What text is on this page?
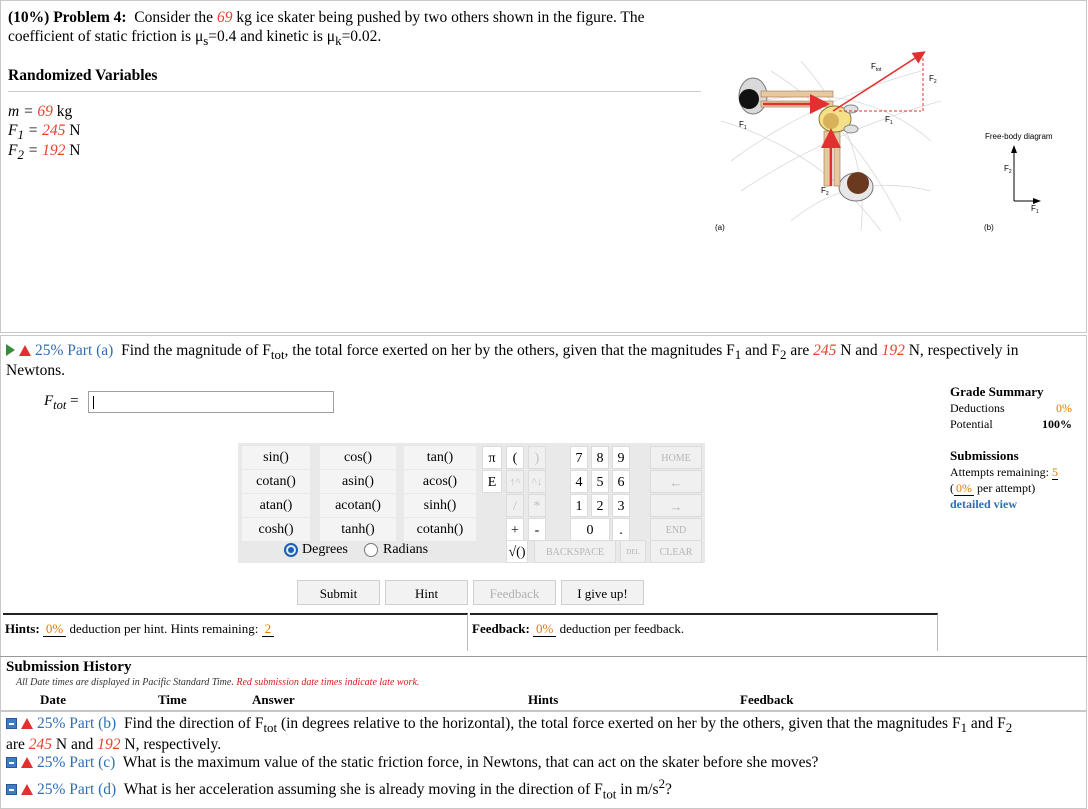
(10%) Problem 4: Consider the 69 kg ice skater being pushed by two others shown in the figure. The
coefficient of static friction is $\mu_s=0.4$ and kinetic is $\mu_k=0.02$.
Randomized Variables
m = 69 kg
$F_1 = 245$ N
$F_2 = 192$ N
$F_1$
$F_2$
$F_{tot}$
$F_2$
$F_1$
(a)
Free-body diagram
$F_2$
$F_1$
(b)
25% Part (a) Find the magnitude of $F_{tot}$, the total force exerted on her by the others, given that the magnitudes $F_1$ and $F_2$ are 245 N and 192 N, respectively in
Newtons.
$F_{tot}$ =
Grade Summary
Deductions	0%
Potential	100%
Submissions
Attempts remaining: 5
( 0% per attempt)
detailed view
sin()	cos()	tan()
cotan()	asin()	acos()
atan()	acotan()	sinh()
cosh()	tanh()	cotanh()
Degrees	Radians
π	(	)
E	↑^	^↓
/	*
+	-
√()
7	8	9
4	5	6
1	2	3
0	.
HOME
←
→
END
BACKSPACE	DEL	CLEAR
Submit	Hint	Feedback	I give up!
Hints: 0% deduction per hint. Hints remaining: 2	Feedback: 0% deduction per feedback.
Submission History
All Date times are displayed in Pacific Standard Time. Red submission date times indicate late work.
Date	Time	Answer	Hints	Feedback
25% Part (b) Find the direction of $F_{tot}$ (in degrees relative to the horizontal), the total force exerted on her by the others, given that the magnitudes $F_1$ and $F_2$
are 245 N and 192 N, respectively.
25% Part (c) What is the maximum value of the static friction force, in Newtons, that can act on the skater before she moves?
25% Part (d) What is her acceleration assuming she is already moving in the direction of $F_{tot}$ in $m/s^2$?
